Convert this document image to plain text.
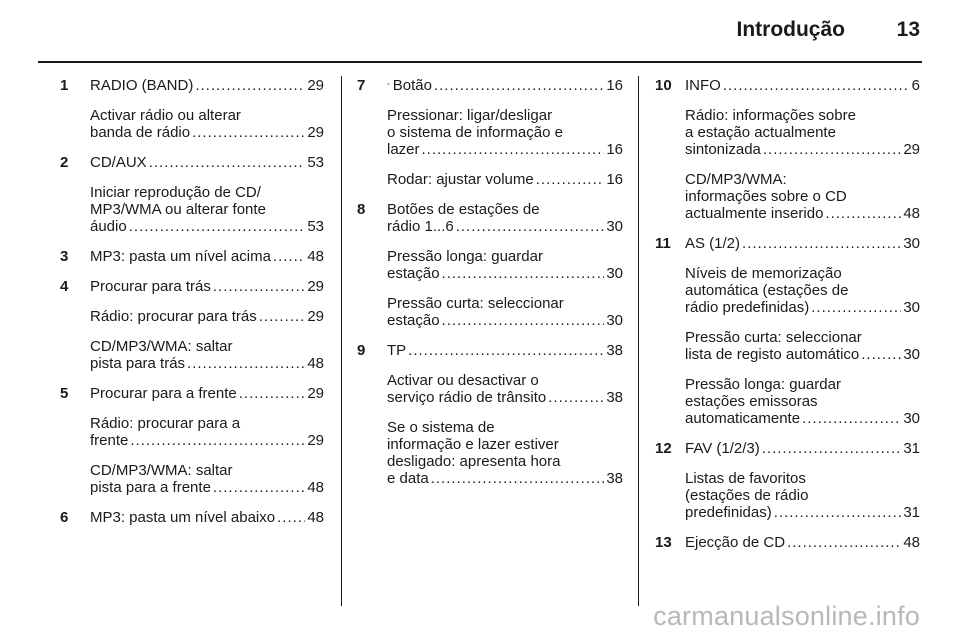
Introdução 13
1	RADIO (BAND) .....	29
Activar rádio ou alterar
banda de rádio .....	29
2	CD/AUX .....	53
Iniciar reprodução de CD/
MP3/WMA ou alterar fonte
áudio .....	53
3	MP3: pasta um nível acima ..... 48
4	Procurar para trás .....	29
Rádio: procurar para trás .....	29
CD/MP3/WMA: saltar
pista para trás .....	48
5	Procurar para a frente .....	29
Rádio: procurar para a
frente .....	29
CD/MP3/WMA: saltar
pista para a frente .....	48
6	MP3: pasta um nível abaixo ..... 48
7	Botão .....	16
Pressionar: ligar/desligar
o sistema de informação e
lazer .....	16
Rodar: ajustar volume .....	16
8	Botões de estações de
rádio 1...6 .....	30
Pressão longa: guardar
estação .....	30
Pressão curta: seleccionar
estação .....	30
9	TP .....	38
Activar ou desactivar o
serviço rádio de trânsito .....	38
Se o sistema de
informação e lazer estiver
desligado: apresenta hora
e data .....	38
10 INFO .....	6
Rádio: informações sobre
a estação actualmente
sintonizada .....	29
CD/MP3/WMA:
informações sobre o CD
actualmente inserido .....	48
11 AS (1/2) .....	30
Níveis de memorização
automática (estações de
rádio predefinidas) .....	30
Pressão curta: seleccionar
lista de registo automático .....	30
Pressão longa: guardar
estações emissoras
automaticamente .....	30
12 FAV (1/2/3) .....	31
Listas de favoritos
(estações de rádio
predefinidas) .....	31
13 Ejecção de CD .....	48
carmanualsonline.info
